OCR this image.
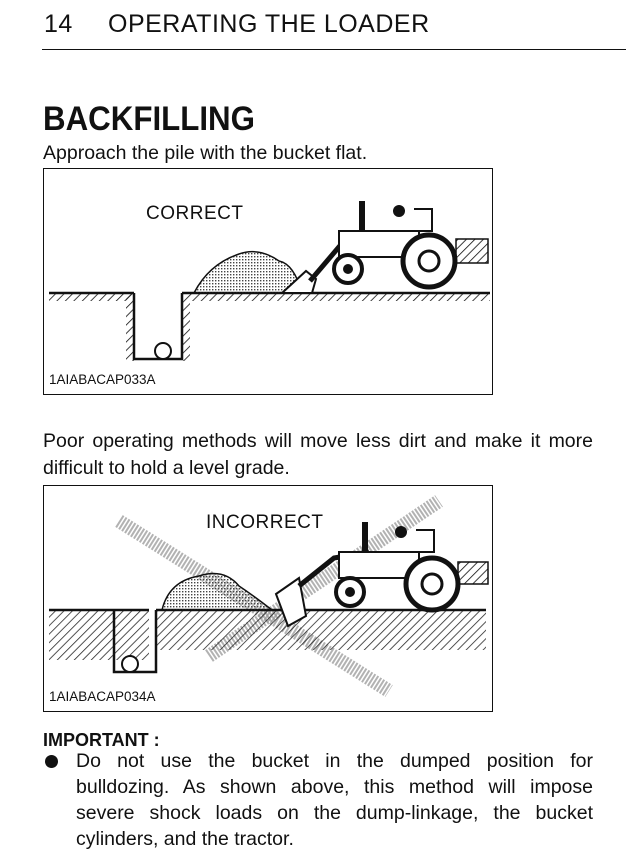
14 OPERATING THE LOADER
BACKFILLING
Approach the pile with the bucket flat.
CORRECT
1AIABACAP033A
Poor operating methods will move less dirt and make it more difficult to hold a level grade.
INCORRECT
1AIABACAP034A
IMPORTANT :
Do not use the bucket in the dumped position for bulldozing. As shown above, this method will impose severe shock loads on the dump-linkage, the bucket cylinders, and the tractor.
